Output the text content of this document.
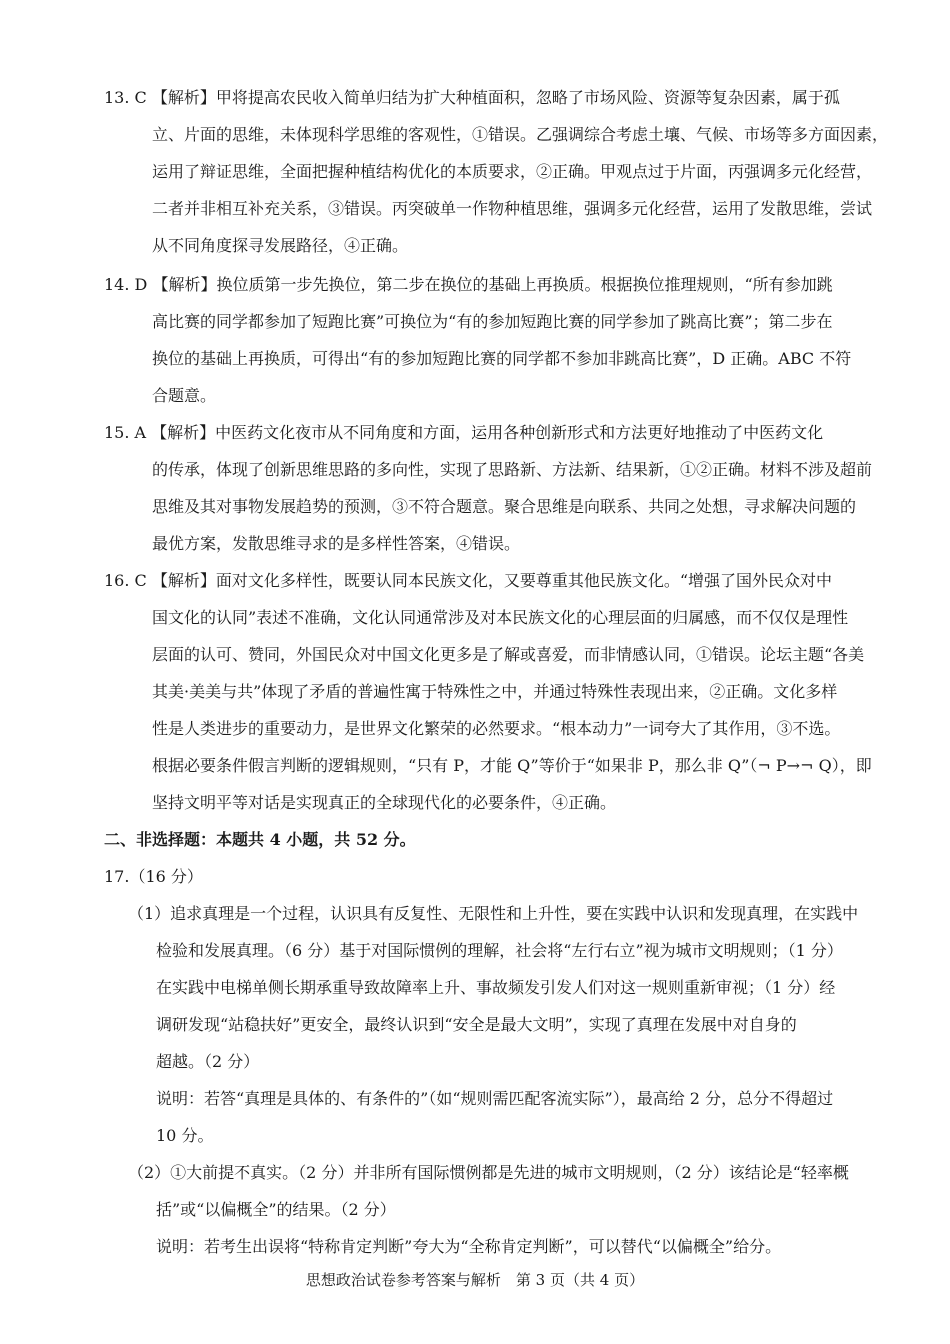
13. C 【解析】甲将提高农民收入简单归结为扩大种植面积，忽略了市场风险、资源等复杂因素，属于孤
立、片面的思维，未体现科学思维的客观性，①错误。乙强调综合考虑土壤、气候、市场等多方面因素，
运用了辩证思维，全面把握种植结构优化的本质要求，②正确。甲观点过于片面，丙强调多元化经营，
二者并非相互补充关系，③错误。丙突破单一作物种植思维，强调多元化经营，运用了发散思维，尝试
从不同角度探寻发展路径，④正确。
14. D 【解析】换位质第一步先换位，第二步在换位的基础上再换质。根据换位推理规则，“所有参加跳
高比赛的同学都参加了短跑比赛”可换位为“有的参加短跑比赛的同学参加了跳高比赛”；第二步在
换位的基础上再换质，可得出“有的参加短跑比赛的同学都不参加非跳高比赛”，D 正确。ABC 不符
合题意。
15. A 【解析】中医药文化夜市从不同角度和方面，运用各种创新形式和方法更好地推动了中医药文化
的传承，体现了创新思维思路的多向性，实现了思路新、方法新、结果新，①②正确。材料不涉及超前
思维及其对事物发展趋势的预测，③不符合题意。聚合思维是向联系、共同之处想，寻求解决问题的
最优方案，发散思维寻求的是多样性答案，④错误。
16. C 【解析】面对文化多样性，既要认同本民族文化，又要尊重其他民族文化。“增强了国外民众对中
国文化的认同”表述不准确，文化认同通常涉及对本民族文化的心理层面的归属感，而不仅仅是理性
层面的认可、赞同，外国民众对中国文化更多是了解或喜爱，而非情感认同，①错误。论坛主题“各美
其美·美美与共”体现了矛盾的普遍性寓于特殊性之中，并通过特殊性表现出来，②正确。文化多样
性是人类进步的重要动力，是世界文化繁荣的必然要求。“根本动力”一词夸大了其作用，③不选。
根据必要条件假言判断的逻辑规则，“只有 P，才能 Q”等价于“如果非 P，那么非 Q”（¬ P→¬ Q），即
坚持文明平等对话是实现真正的全球现代化的必要条件，④正确。
二、非选择题：本题共 4 小题，共 52 分。
17.（16 分）
（1）追求真理是一个过程，认识具有反复性、无限性和上升性，要在实践中认识和发现真理，在实践中
检验和发展真理。（6 分）基于对国际惯例的理解，社会将“左行右立”视为城市文明规则；（1 分）
在实践中电梯单侧长期承重导致故障率上升、事故频发引发人们对这一规则重新审视；（1 分）经
调研发现“站稳扶好”更安全，最终认识到“安全是最大文明”，实现了真理在发展中对自身的
超越。（2 分）
说明：若答“真理是具体的、有条件的”（如“规则需匹配客流实际”），最高给 2 分，总分不得超过
10 分。
（2）①大前提不真实。（2 分）并非所有国际惯例都是先进的城市文明规则，（2 分）该结论是“轻率概
括”或“以偏概全”的结果。（2 分）
说明：若考生出误将“特称肯定判断”夸大为“全称肯定判断”，可以替代“以偏概全”给分。
思想政治试卷参考答案与解析　第 3 页（共 4 页）
